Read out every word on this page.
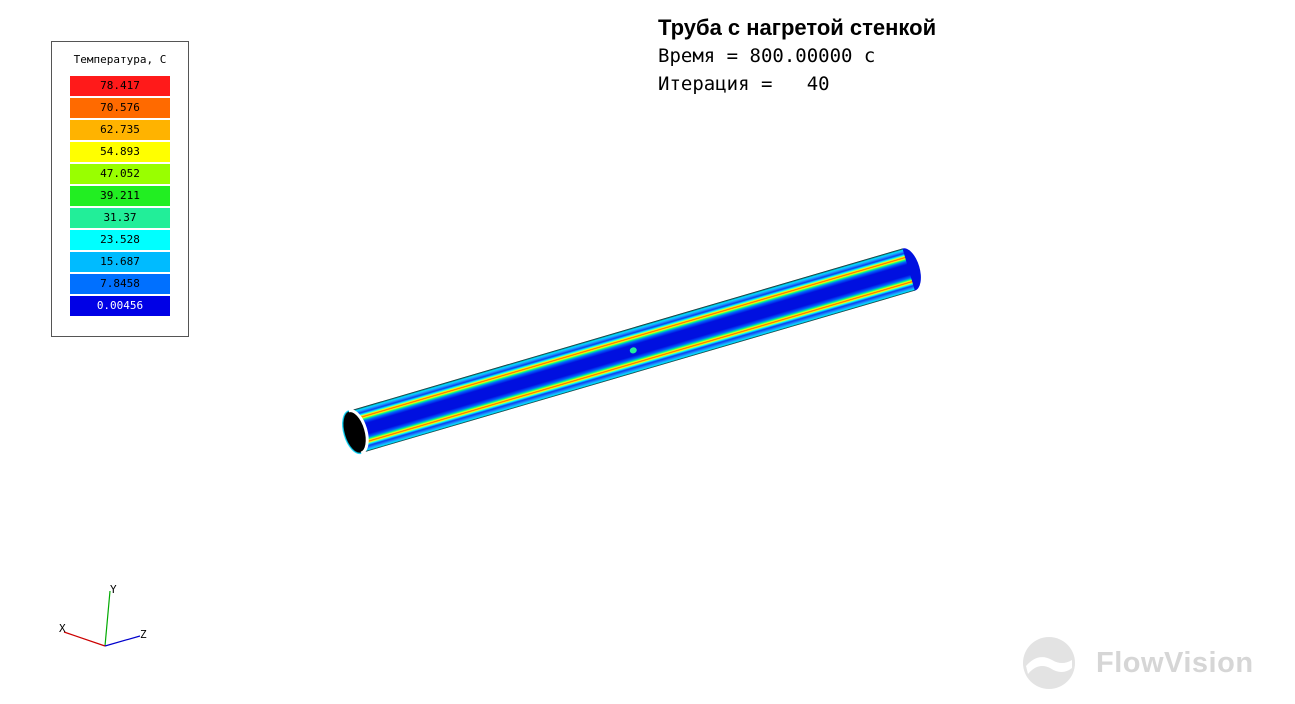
Температура, С
78.417
70.576
62.735
54.893
47.052
39.211
31.37
23.528
15.687
7.8458
0.00456
Труба с нагретой стенкой
Время = 800.00000 с
Итерация =   40
Y
X	Z
FlowVision
